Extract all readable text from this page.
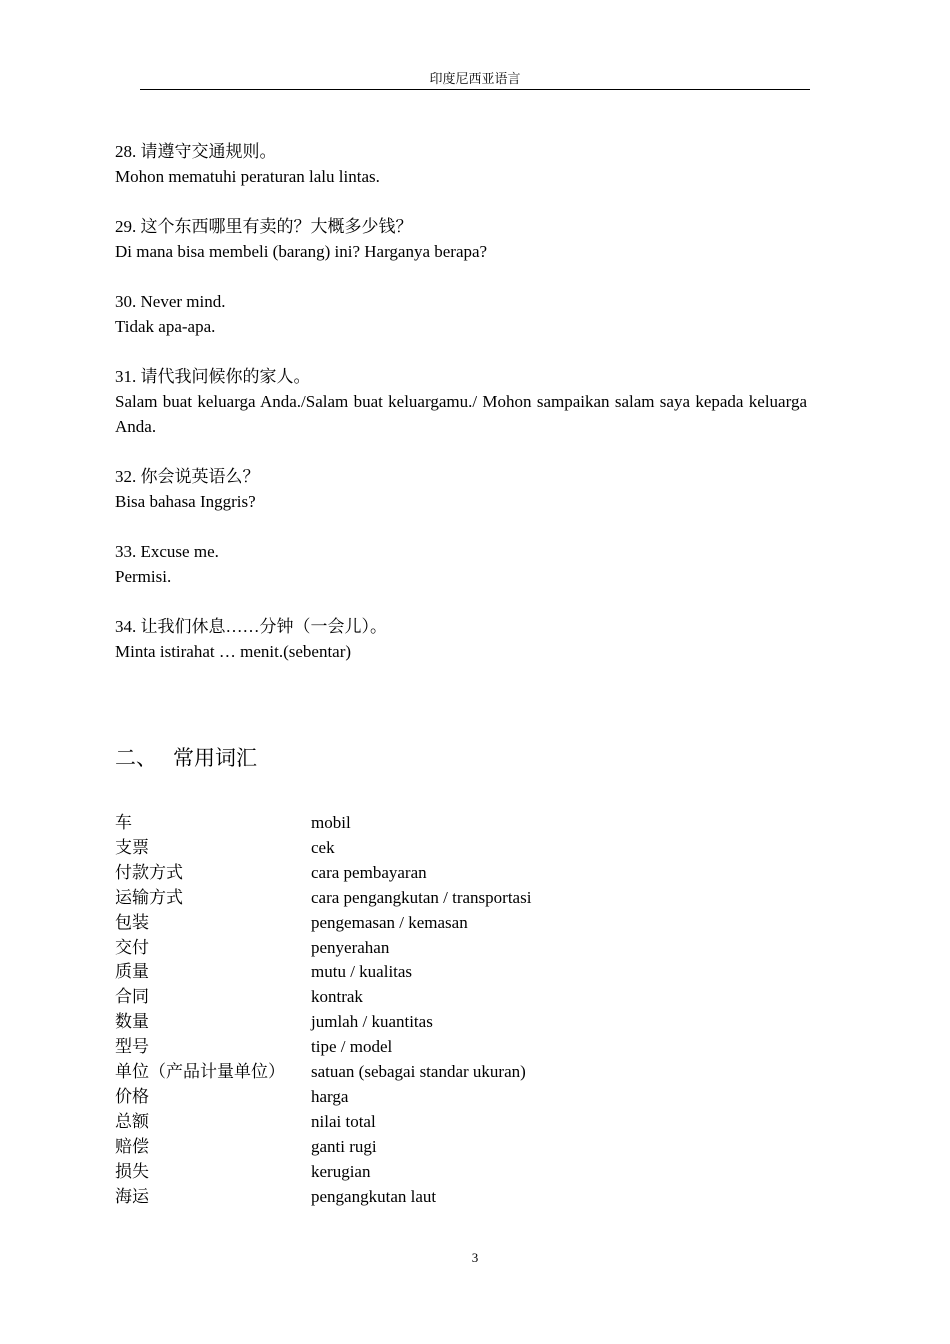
印度尼西亚语言
28. 请遵守交通规则。
Mohon mematuhi peraturan lalu lintas.
29. 这个东西哪里有卖的？大概多少钱？
Di mana bisa membeli (barang) ini? Harganya berapa?
30. Never mind.
Tidak apa-apa.
31. 请代我问候你的家人。
Salam buat keluarga Anda./Salam buat keluargamu./ Mohon sampaikan salam saya kepada keluarga Anda.
32. 你会说英语么？
Bisa bahasa Inggris?
33. Excuse me.
Permisi.
34. 让我们休息……分钟（一会儿）。
Minta istirahat … menit.(sebentar)
二、 常用词汇
车	mobil
支票	cek
付款方式	cara pembayaran
运输方式	cara pengangkutan / transportasi
包装	pengemasan / kemasan
交付	penyerahan
质量	mutu / kualitas
合同	kontrak
数量	jumlah / kuantitas
型号	tipe / model
单位（产品计量单位）	satuan (sebagai standar ukuran)
价格	harga
总额	nilai total
赔偿	ganti rugi
损失	kerugian
海运	pengangkutan laut
3
